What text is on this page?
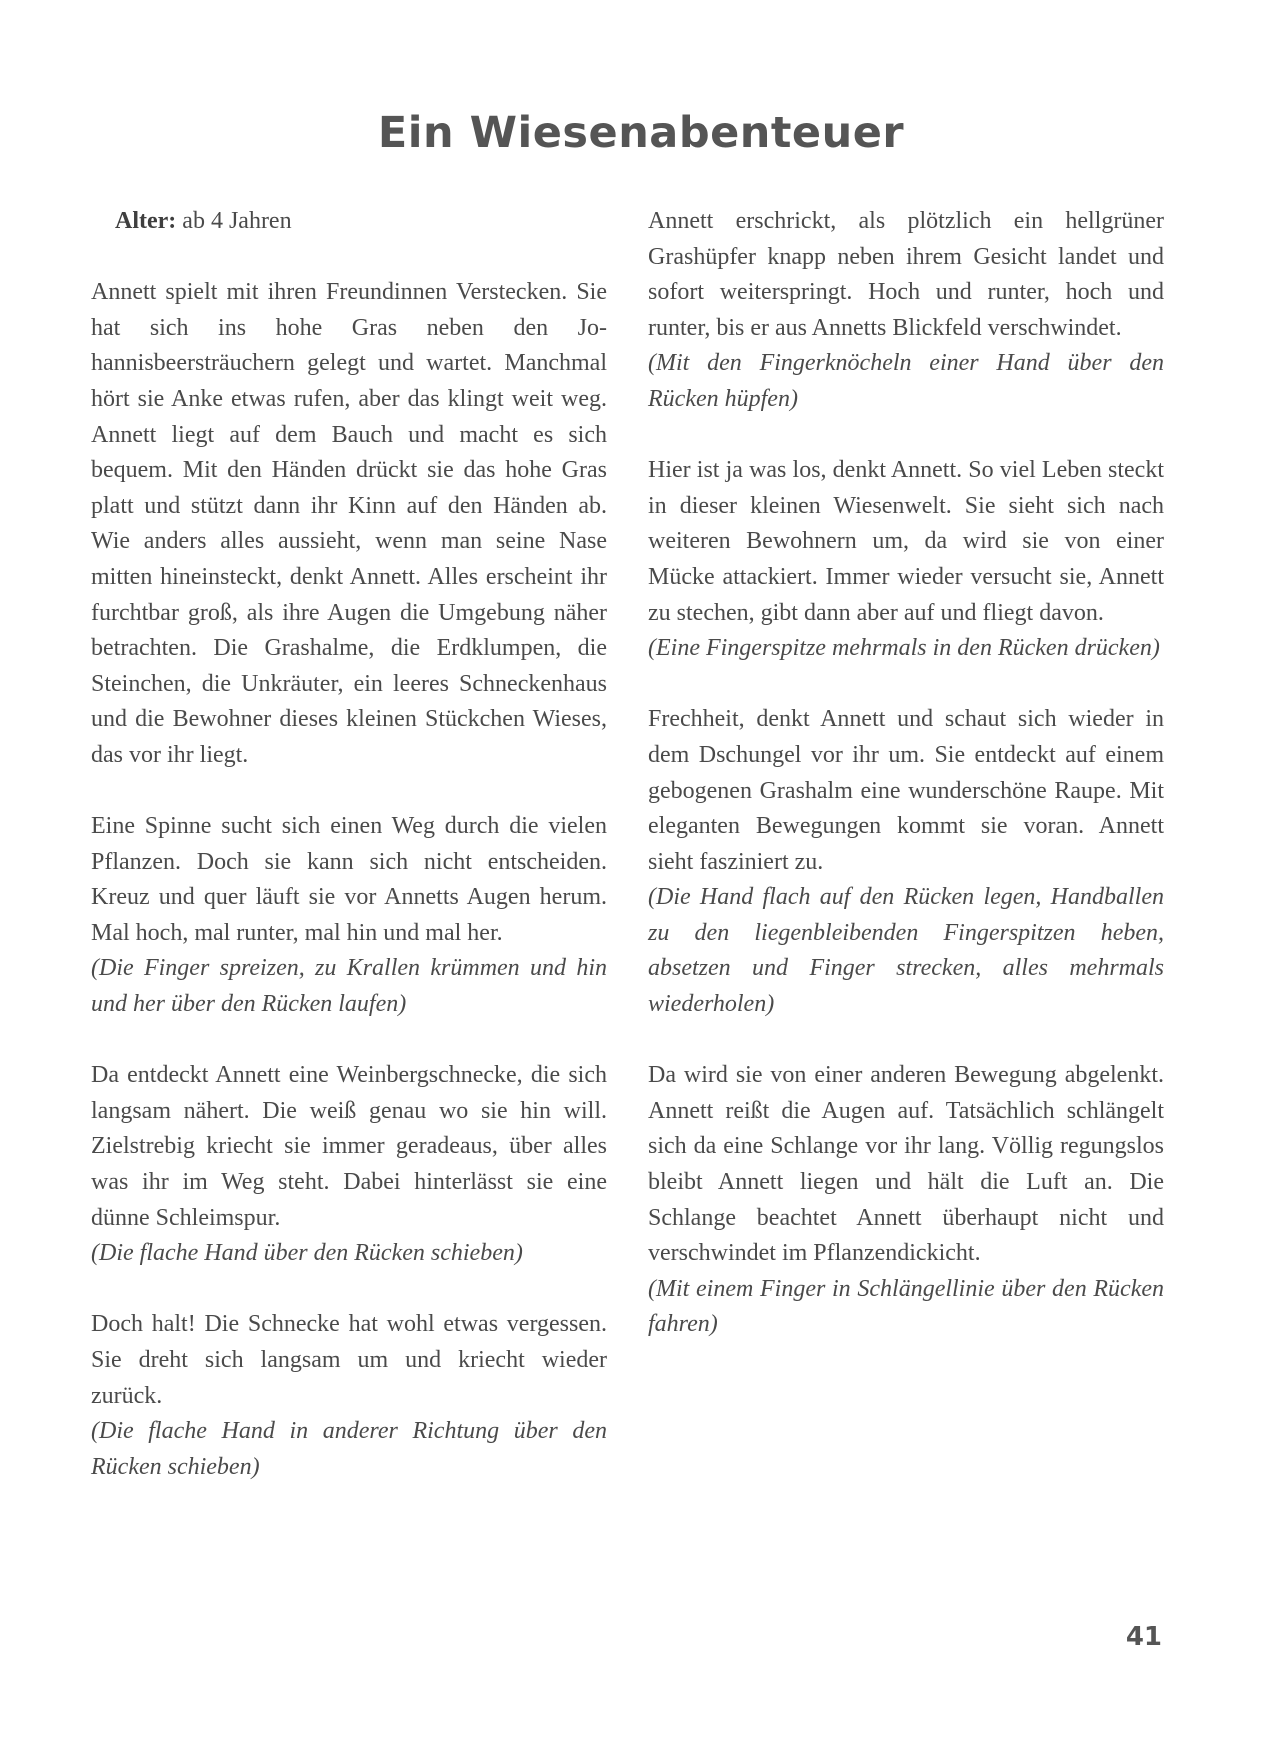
Ein Wiesenabenteuer
Alter: ab 4 Jahren
Annett spielt mit ihren Freundinnen Verstecken. Sie hat sich ins hohe Gras neben den Johannisbeersträuchern gelegt und wartet. Manchmal hört sie Anke etwas rufen, aber das klingt weit weg. Annett liegt auf dem Bauch und macht es sich bequem. Mit den Händen drückt sie das hohe Gras platt und stützt dann ihr Kinn auf den Händen ab. Wie anders alles aussieht, wenn man seine Nase mitten hineinsteckt, denkt Annett. Alles erscheint ihr furchtbar groß, als ihre Augen die Umgebung näher betrachten. Die Grashalme, die Erdklumpen, die Steinchen, die Unkräuter, ein leeres Schneckenhaus und die Bewohner dieses kleinen Stückchen Wieses, das vor ihr liegt.
Eine Spinne sucht sich einen Weg durch die vielen Pflanzen. Doch sie kann sich nicht entscheiden. Kreuz und quer läuft sie vor Annetts Augen herum. Mal hoch, mal runter, mal hin und mal her.
(Die Finger spreizen, zu Krallen krümmen und hin und her über den Rücken laufen)
Da entdeckt Annett eine Weinbergschnecke, die sich langsam nähert. Die weiß genau wo sie hin will. Zielstrebig kriecht sie immer geradeaus, über alles was ihr im Weg steht. Dabei hinterlässt sie eine dünne Schleimspur.
(Die flache Hand über den Rücken schieben)
Doch halt! Die Schnecke hat wohl etwas vergessen. Sie dreht sich langsam um und kriecht wieder zurück.
(Die flache Hand in anderer Richtung über den Rücken schieben)
Annett erschrickt, als plötzlich ein hellgrüner Grashüpfer knapp neben ihrem Gesicht landet und sofort weiterspringt. Hoch und runter, hoch und runter, bis er aus Annetts Blickfeld verschwindet.
(Mit den Fingerknöcheln einer Hand über den Rücken hüpfen)
Hier ist ja was los, denkt Annett. So viel Leben steckt in dieser kleinen Wiesenwelt. Sie sieht sich nach weiteren Bewohnern um, da wird sie von einer Mücke attackiert. Immer wieder versucht sie, Annett zu stechen, gibt dann aber auf und fliegt davon.
(Eine Fingerspitze mehrmals in den Rücken drücken)
Frechheit, denkt Annett und schaut sich wieder in dem Dschungel vor ihr um. Sie entdeckt auf einem gebogenen Grashalm eine wunderschöne Raupe. Mit eleganten Bewegungen kommt sie voran. Annett sieht fasziniert zu.
(Die Hand flach auf den Rücken legen, Handballen zu den liegenbleibenden Fingerspitzen heben, absetzen und Finger strecken, alles mehrmals wiederholen)
Da wird sie von einer anderen Bewegung abgelenkt. Annett reißt die Augen auf. Tatsächlich schlängelt sich da eine Schlange vor ihr lang. Völlig regungslos bleibt Annett liegen und hält die Luft an. Die Schlange beachtet Annett überhaupt nicht und verschwindet im Pflanzendickicht.
(Mit einem Finger in Schlängellinie über den Rücken fahren)
41
